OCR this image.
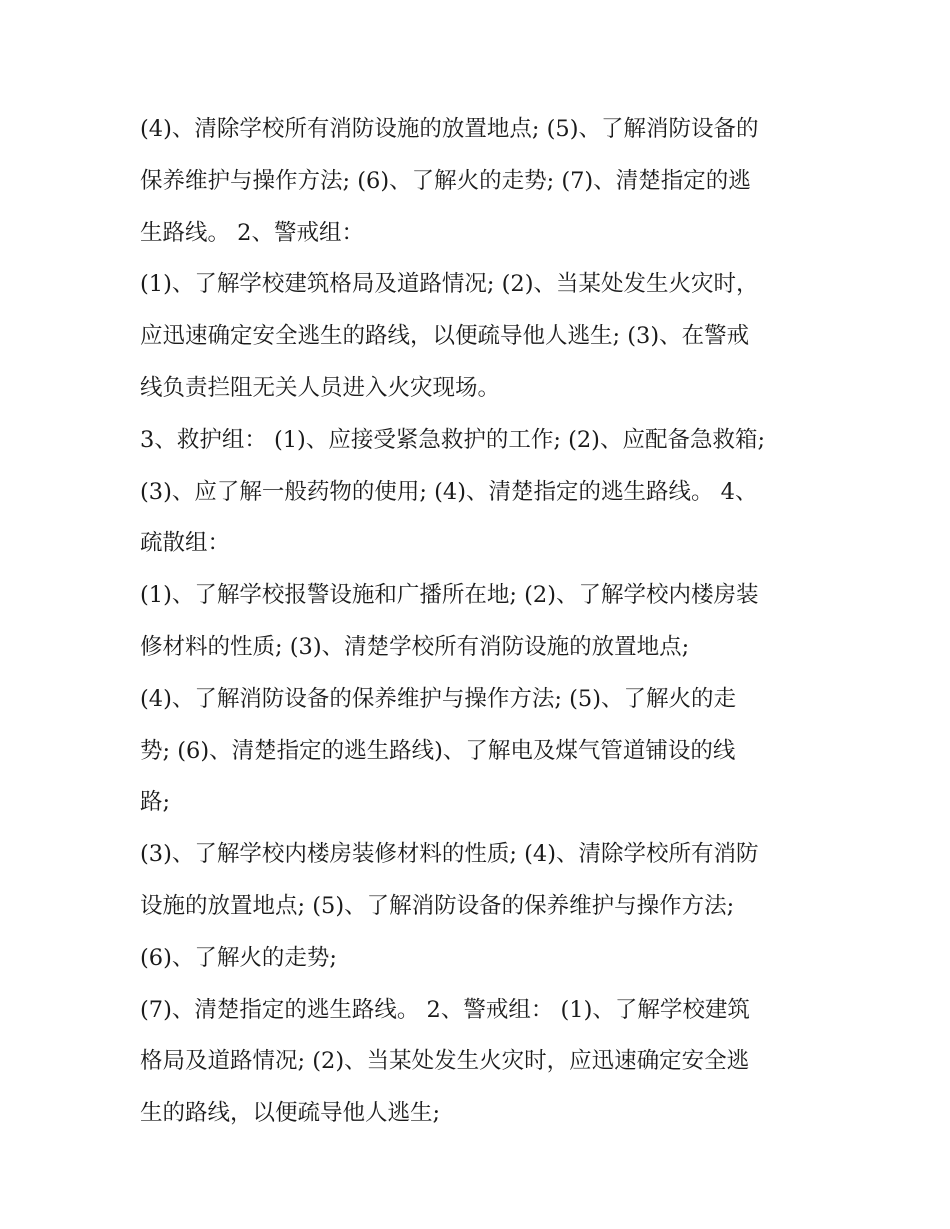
(4)、清除学校所有消防设施的放置地点; (5)、了解消防设备的
保养维护与操作方法; (6)、了解火的走势; (7)、清楚指定的逃
生路线。 2、警戒组：
(1)、了解学校建筑格局及道路情况; (2)、当某处发生火灾时，
应迅速确定安全逃生的路线，以便疏导他人逃生; (3)、在警戒
线负责拦阻无关人员进入火灾现场。
3、救护组： (1)、应接受紧急救护的工作; (2)、应配备急救箱;
(3)、应了解一般药物的使用; (4)、清楚指定的逃生路线。 4、
疏散组：
(1)、了解学校报警设施和广播所在地; (2)、了解学校内楼房装
修材料的性质; (3)、清楚学校所有消防设施的放置地点;
(4)、了解消防设备的保养维护与操作方法; (5)、了解火的走
势; (6)、清楚指定的逃生路线)、了解电及煤气管道铺设的线
路;
(3)、了解学校内楼房装修材料的性质; (4)、清除学校所有消防
设施的放置地点; (5)、了解消防设备的保养维护与操作方法;
(6)、了解火的走势;
(7)、清楚指定的逃生路线。 2、警戒组： (1)、了解学校建筑
格局及道路情况; (2)、当某处发生火灾时，应迅速确定安全逃
生的路线，以便疏导他人逃生;
